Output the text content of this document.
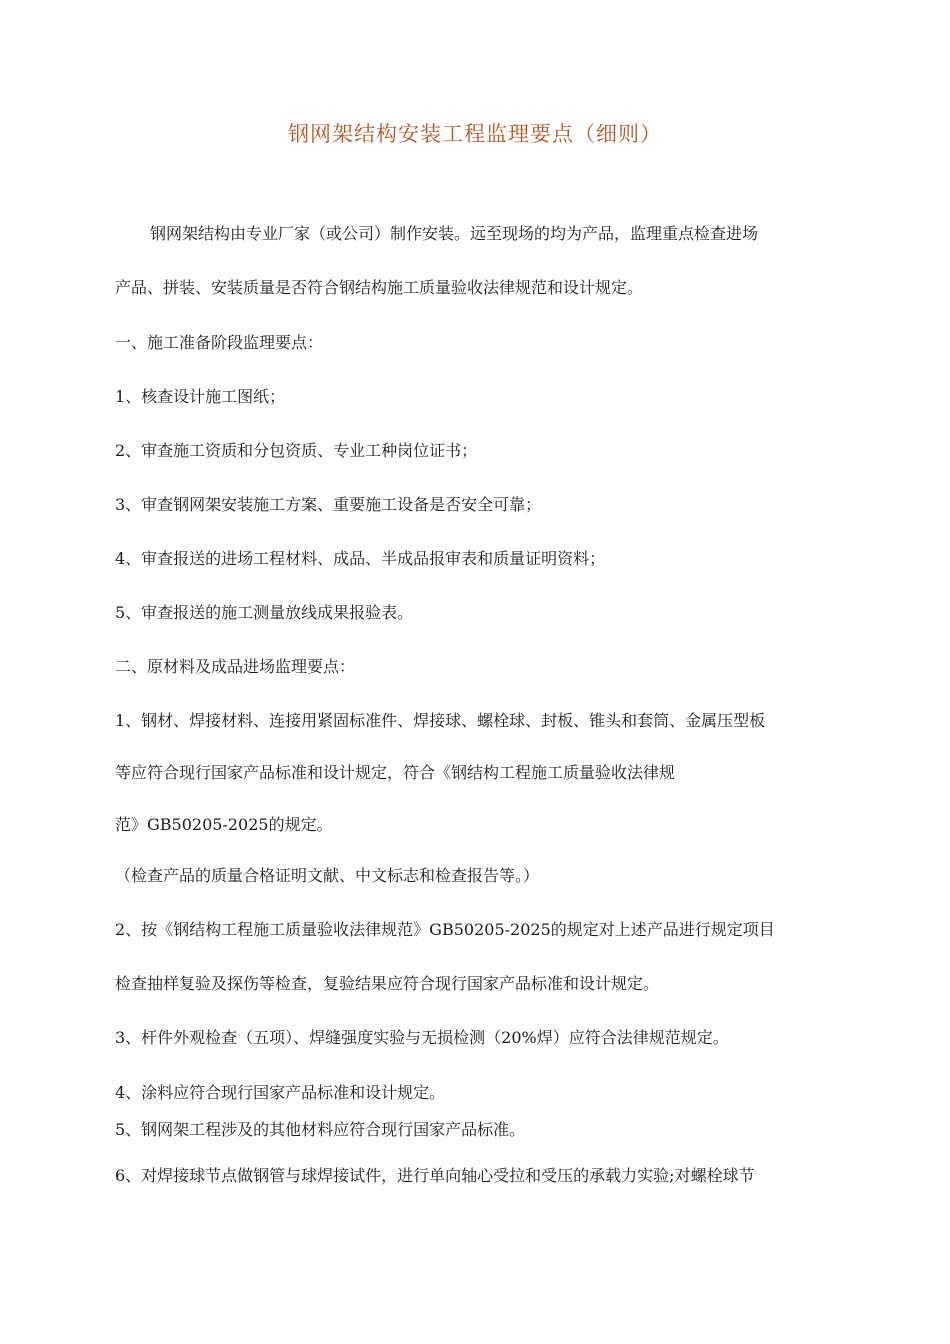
钢网架结构安装工程监理要点（细则）
钢网架结构由专业厂家（或公司）制作安装。远至现场的均为产品，监理重点检查进场
产品、拼装、安装质量是否符合钢结构施工质量验收法律规范和设计规定。
一、施工准备阶段监理要点：
1、核查设计施工图纸；
2、审查施工资质和分包资质、专业工种岗位证书；
3、审查钢网架安装施工方案、重要施工设备是否安全可靠；
4、审查报送的进场工程材料、成品、半成品报审表和质量证明资料；
5、审查报送的施工测量放线成果报验表。
二、原材料及成品进场监理要点：
1、钢材、焊接材料、连接用紧固标准件、焊接球、螺栓球、封板、锥头和套筒、金属压型板
等应符合现行国家产品标准和设计规定，符合《钢结构工程施工质量验收法律规
范》GB50205-2025的规定。
（检查产品的质量合格证明文献、中文标志和检查报告等。）
2、按《钢结构工程施工质量验收法律规范》GB50205-2025的规定对上述产品进行规定项目
检查抽样复验及探伤等检查，复验结果应符合现行国家产品标准和设计规定。
3、杆件外观检查（五项）、焊缝强度实验与无损检测（20%焊）应符合法律规范规定。
4、涂料应符合现行国家产品标准和设计规定。
5、钢网架工程涉及的其他材料应符合现行国家产品标准。
6、对焊接球节点做钢管与球焊接试件，进行单向轴心受拉和受压的承载力实验;对螺栓球节
